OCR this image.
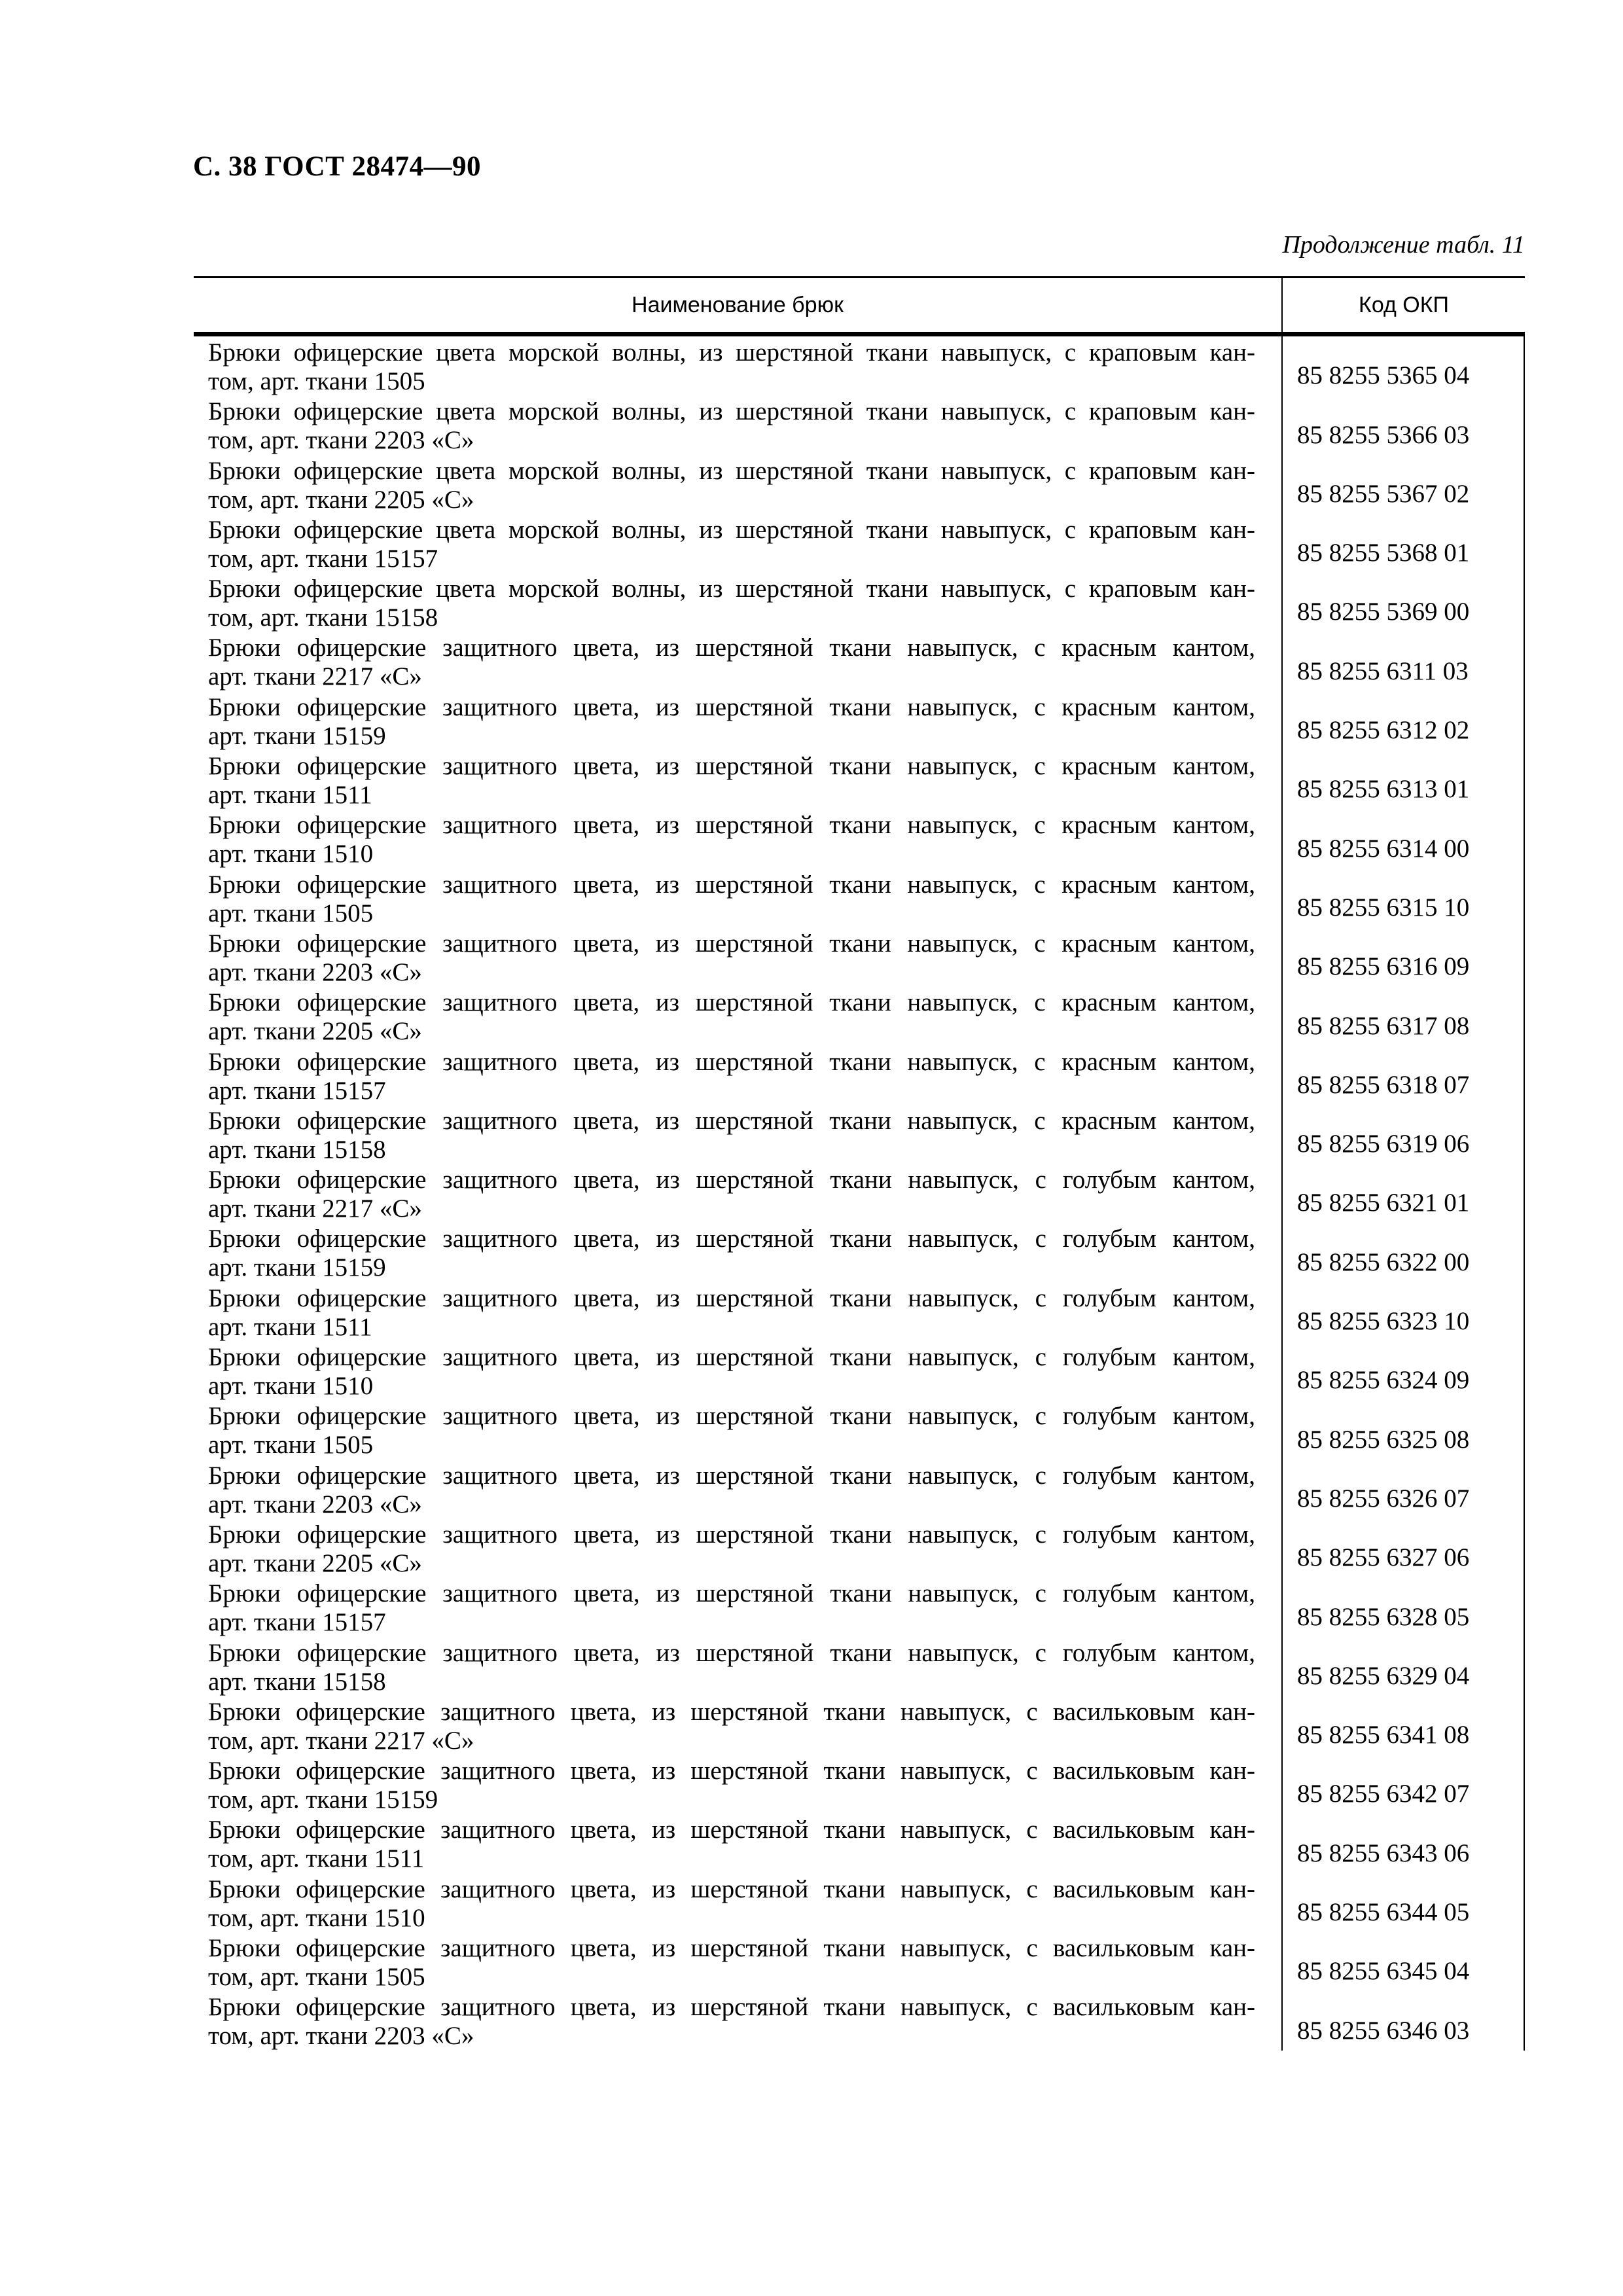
С. 38 ГОСТ 28474—90
Продолжение табл. 11
Наименование брюк	Код ОКП
Брюки офицерские цвета морской волны, из шерстяной ткани навыпуск, с краповым кан-
том, арт. ткани 1505	85 8255 5365 04
Брюки офицерские цвета морской волны, из шерстяной ткани навыпуск, с краповым кан-
том, арт. ткани 2203 «С»	85 8255 5366 03
Брюки офицерские цвета морской волны, из шерстяной ткани навыпуск, с краповым кан-
том, арт. ткани 2205 «С»	85 8255 5367 02
Брюки офицерские цвета морской волны, из шерстяной ткани навыпуск, с краповым кан-
том, арт. ткани 15157	85 8255 5368 01
Брюки офицерские цвета морской волны, из шерстяной ткани навыпуск, с краповым кан-
том, арт. ткани 15158	85 8255 5369 00
Брюки офицерские защитного цвета, из шерстяной ткани навыпуск, с красным кантом,
арт. ткани 2217 «С»	85 8255 6311 03
Брюки офицерские защитного цвета, из шерстяной ткани навыпуск, с красным кантом,
арт. ткани 15159	85 8255 6312 02
Брюки офицерские защитного цвета, из шерстяной ткани навыпуск, с красным кантом,
арт. ткани 1511	85 8255 6313 01
Брюки офицерские защитного цвета, из шерстяной ткани навыпуск, с красным кантом,
арт. ткани 1510	85 8255 6314 00
Брюки офицерские защитного цвета, из шерстяной ткани навыпуск, с красным кантом,
арт. ткани 1505	85 8255 6315 10
Брюки офицерские защитного цвета, из шерстяной ткани навыпуск, с красным кантом,
арт. ткани 2203 «С»	85 8255 6316 09
Брюки офицерские защитного цвета, из шерстяной ткани навыпуск, с красным кантом,
арт. ткани 2205 «С»	85 8255 6317 08
Брюки офицерские защитного цвета, из шерстяной ткани навыпуск, с красным кантом,
арт. ткани 15157	85 8255 6318 07
Брюки офицерские защитного цвета, из шерстяной ткани навыпуск, с красным кантом,
арт. ткани 15158	85 8255 6319 06
Брюки офицерские защитного цвета, из шерстяной ткани навыпуск, с голубым кантом,
арт. ткани 2217 «С»	85 8255 6321 01
Брюки офицерские защитного цвета, из шерстяной ткани навыпуск, с голубым кантом,
арт. ткани 15159	85 8255 6322 00
Брюки офицерские защитного цвета, из шерстяной ткани навыпуск, с голубым кантом,
арт. ткани 1511	85 8255 6323 10
Брюки офицерские защитного цвета, из шерстяной ткани навыпуск, с голубым кантом,
арт. ткани 1510	85 8255 6324 09
Брюки офицерские защитного цвета, из шерстяной ткани навыпуск, с голубым кантом,
арт. ткани 1505	85 8255 6325 08
Брюки офицерские защитного цвета, из шерстяной ткани навыпуск, с голубым кантом,
арт. ткани 2203 «С»	85 8255 6326 07
Брюки офицерские защитного цвета, из шерстяной ткани навыпуск, с голубым кантом,
арт. ткани 2205 «С»	85 8255 6327 06
Брюки офицерские защитного цвета, из шерстяной ткани навыпуск, с голубым кантом,
арт. ткани 15157	85 8255 6328 05
Брюки офицерские защитного цвета, из шерстяной ткани навыпуск, с голубым кантом,
арт. ткани 15158	85 8255 6329 04
Брюки офицерские защитного цвета, из шерстяной ткани навыпуск, с васильковым кан-
том, арт. ткани 2217 «С»	85 8255 6341 08
Брюки офицерские защитного цвета, из шерстяной ткани навыпуск, с васильковым кан-
том, арт. ткани 15159	85 8255 6342 07
Брюки офицерские защитного цвета, из шерстяной ткани навыпуск, с васильковым кан-
том, арт. ткани 1511	85 8255 6343 06
Брюки офицерские защитного цвета, из шерстяной ткани навыпуск, с васильковым кан-
том, арт. ткани 1510	85 8255 6344 05
Брюки офицерские защитного цвета, из шерстяной ткани навыпуск, с васильковым кан-
том, арт. ткани 1505	85 8255 6345 04
Брюки офицерские защитного цвета, из шерстяной ткани навыпуск, с васильковым кан-
том, арт. ткани 2203 «С»	85 8255 6346 03
